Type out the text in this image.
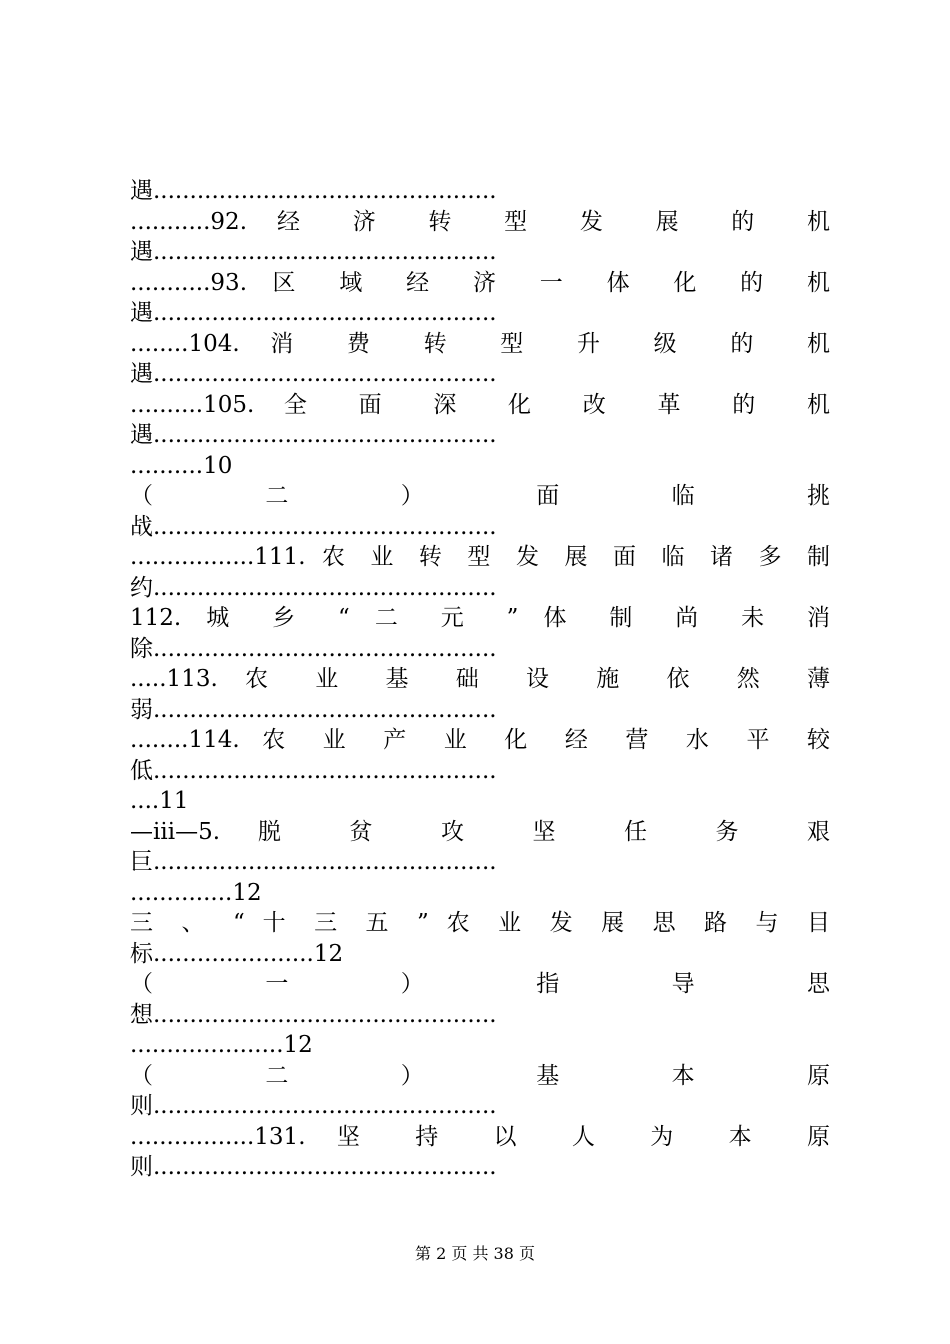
遇...............................................
...........92. 经 济 转 型 发 展 的 机
遇...............................................
...........93. 区 域 经 济 一 体 化 的 机
遇...............................................
........104. 消 费 转 型 升 级 的 机
遇...............................................
..........105. 全 面 深 化 改 革 的 机
遇...............................................
..........10
（ 二 ） 面 临 挑
战...............................................
.................111. 农 业 转 型 发 展 面 临 诸 多 制
约...............................................
112. 城 乡 “ 二 元 ” 体 制 尚 未 消
除...............................................
.....113. 农 业 基 础 设 施 依 然 薄
弱...............................................
........114. 农 业 产 业 化 经 营 水 平 较
低...............................................
....11
—iii—5. 脱 贫 攻 坚 任 务 艰
巨...............................................
..............12
三 、 “ 十 三 五 ” 农 业 发 展 思 路 与 目
标......................12
（ 一 ） 指 导 思
想...............................................
.....................12
（ 二 ） 基 本 原
则...............................................
.................131. 坚 持 以 人 为 本 原
则...............................................
第 2 页 共 38 页
